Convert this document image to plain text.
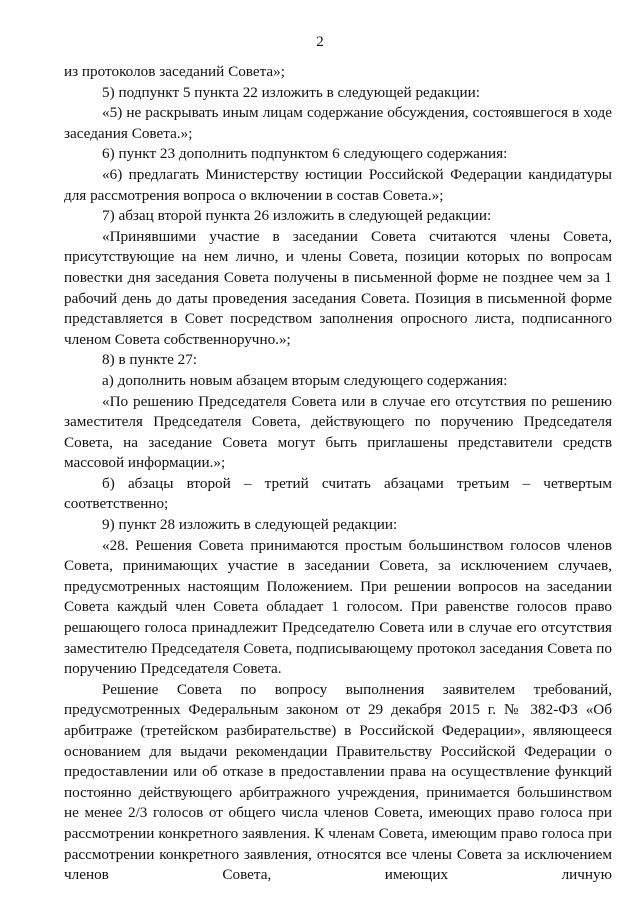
2

из протоколов заседаний Совета»;

5) подпункт 5 пункта 22 изложить в следующей редакции:

«5) не раскрывать иным лицам содержание обсуждения, состоявшегося в ходе заседания Совета.»;

6) пункт 23 дополнить подпунктом 6 следующего содержания:

«6) предлагать Министерству юстиции Российской Федерации кандидатуры для рассмотрения вопроса о включении в состав Совета.»;

7) абзац второй пункта 26 изложить в следующей редакции:

«Принявшими участие в заседании Совета считаются члены Совета, присутствующие на нем лично, и члены Совета, позиции которых по вопросам повестки дня заседания Совета получены в письменной форме не позднее чем за 1 рабочий день до даты проведения заседания Совета. Позиция в письменной форме представляется в Совет посредством заполнения опросного листа, подписанного членом Совета собственноручно.»;

8) в пункте 27:

а) дополнить новым абзацем вторым следующего содержания:

«По решению Председателя Совета или в случае его отсутствия по решению заместителя Председателя Совета, действующего по поручению Председателя Совета, на заседание Совета могут быть приглашены представители средств массовой информации.»;

б) абзацы второй – третий считать абзацами третьим – четвертым соответственно;

9) пункт 28 изложить в следующей редакции:

«28. Решения Совета принимаются простым большинством голосов членов Совета, принимающих участие в заседании Совета, за исключением случаев, предусмотренных настоящим Положением. При решении вопросов на заседании Совета каждый член Совета обладает 1 голосом. При равенстве голосов право решающего голоса принадлежит Председателю Совета или в случае его отсутствия заместителю Председателя Совета, подписывающему протокол заседания Совета по поручению Председателя Совета.

Решение Совета по вопросу выполнения заявителем требований, предусмотренных Федеральным законом от 29 декабря 2015 г. № 382-ФЗ «Об арбитраже (третейском разбирательстве) в Российской Федерации», являющееся основанием для выдачи рекомендации Правительству Российской Федерации о предоставлении или об отказе в предоставлении права на осуществление функций постоянно действующего арбитражного учреждения, принимается большинством не менее 2/3 голосов от общего числа членов Совета, имеющих право голоса при рассмотрении конкретного заявления. К членам Совета, имеющим право голоса при рассмотрении конкретного заявления, относятся все члены Совета за исключением членов Совета, имеющих личную
